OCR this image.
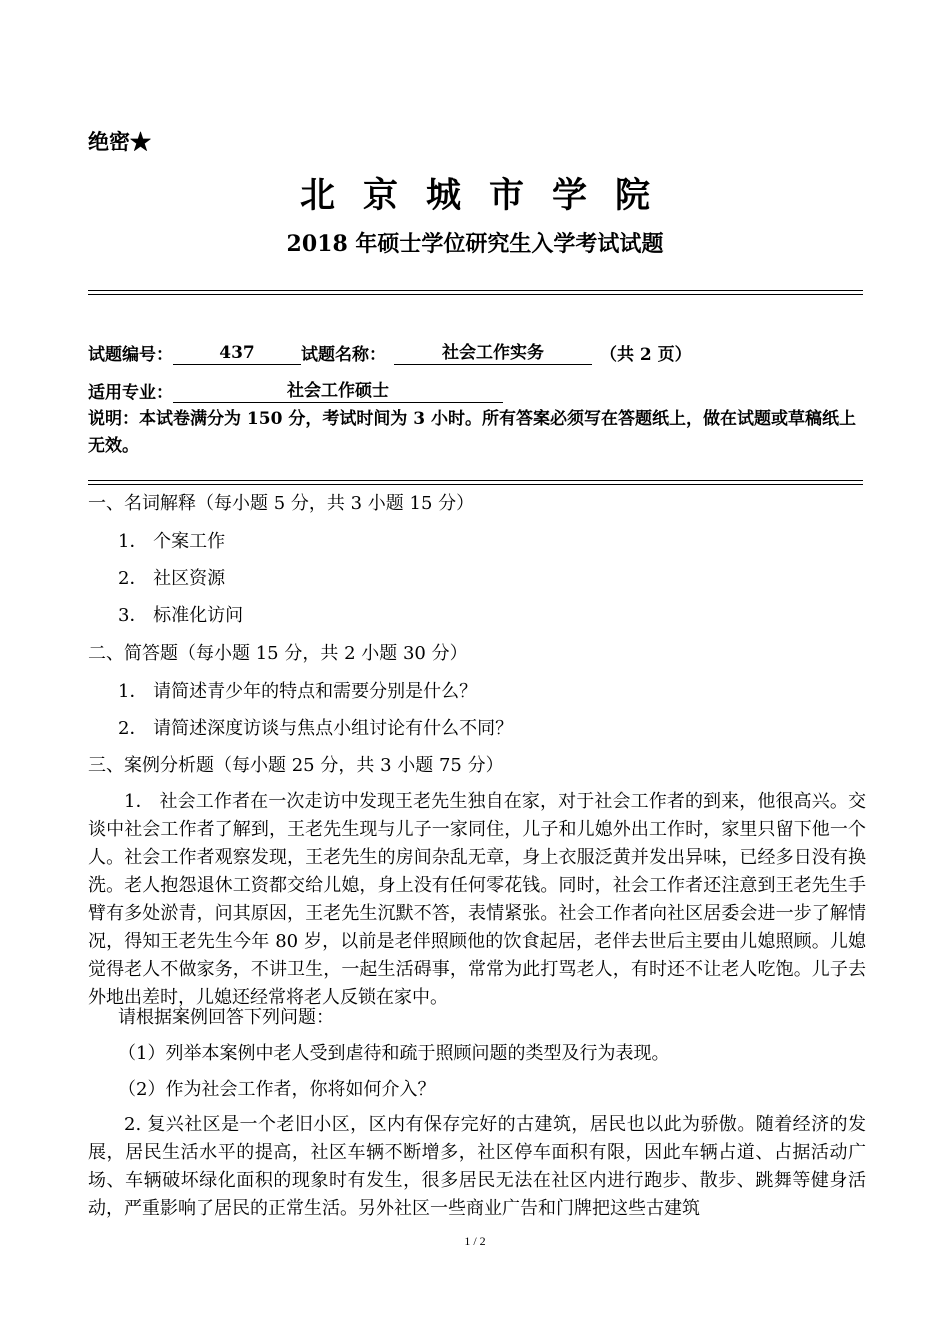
绝密★
北京城市学院
2018 年硕士学位研究生入学考试试题
试题编号：	437	试题名称：	社会工作实务	（共 2 页）
适用专业：	社会工作硕士
说明：本试卷满分为 150 分，考试时间为 3 小时。所有答案必须写在答题纸上，做在试题或草稿纸上无效。
一、名词解释（每小题 5 分，共 3 小题 15 分）
1． 个案工作
2． 社区资源
3． 标准化访问
二、简答题（每小题 15 分，共 2 小题 30 分）
1． 请简述青少年的特点和需要分别是什么？
2． 请简述深度访谈与焦点小组讨论有什么不同？
三、案例分析题（每小题 25 分，共 3 小题 75 分）
1． 社会工作者在一次走访中发现王老先生独自在家，对于社会工作者的到来，他很高兴。交谈中社会工作者了解到，王老先生现与儿子一家同住，儿子和儿媳外出工作时，家里只留下他一个人。社会工作者观察发现，王老先生的房间杂乱无章，身上衣服泛黄并发出异味，已经多日没有换洗。老人抱怨退休工资都交给儿媳，身上没有任何零花钱。同时，社会工作者还注意到王老先生手臂有多处淤青，问其原因，王老先生沉默不答，表情紧张。社会工作者向社区居委会进一步了解情况，得知王老先生今年 80 岁，以前是老伴照顾他的饮食起居，老伴去世后主要由儿媳照顾。儿媳觉得老人不做家务，不讲卫生，一起生活碍事，常常为此打骂老人，有时还不让老人吃饱。儿子去外地出差时，儿媳还经常将老人反锁在家中。
请根据案例回答下列问题：
（1）列举本案例中老人受到虐待和疏于照顾问题的类型及行为表现。
（2）作为社会工作者，你将如何介入？
2. 复兴社区是一个老旧小区，区内有保存完好的古建筑，居民也以此为骄傲。随着经济的发展，居民生活水平的提高，社区车辆不断增多，社区停车面积有限，因此车辆占道、占据活动广场、车辆破坏绿化面积的现象时有发生，很多居民无法在社区内进行跑步、散步、跳舞等健身活动，严重影响了居民的正常生活。另外社区一些商业广告和门牌把这些古建筑
1 / 2
